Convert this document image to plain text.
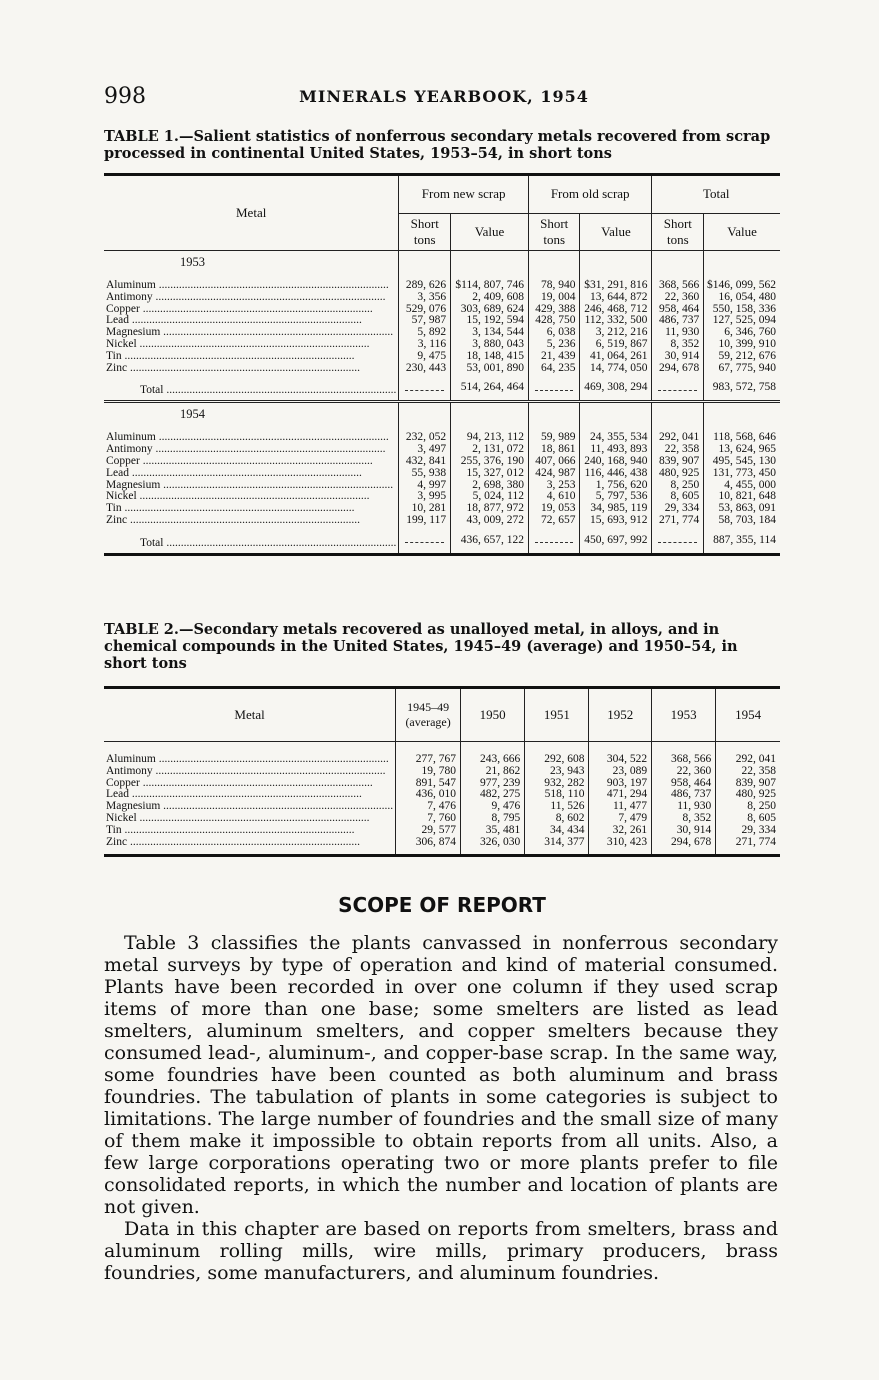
998	MINERALS YEARBOOK, 1954
TABLE 1.—Salient statistics of nonferrous secondary metals recovered from scrap processed in continental United States, 1953–54, in short tons
Metal	From new scrap		From old scrap		Total	
	Short tons	Value	Short tons	Value	Short tons	Value
1953						
Aluminum ................................................................................	289, 626	$114, 807, 746	78, 940	$31, 291, 816	368, 566	$146, 099, 562
Antimony ................................................................................	3, 356	2, 409, 608	19, 004	13, 644, 872	22, 360	16, 054, 480
Copper ................................................................................	529, 076	303, 689, 624	429, 388	246, 468, 712	958, 464	550, 158, 336
Lead ................................................................................	57, 987	15, 192, 594	428, 750	112, 332, 500	486, 737	127, 525, 094
Magnesium ................................................................................	5, 892	3, 134, 544	6, 038	3, 212, 216	11, 930	6, 346, 760
Nickel ................................................................................	3, 116	3, 880, 043	5, 236	6, 519, 867	8, 352	10, 399, 910
Tin ................................................................................	9, 475	18, 148, 415	21, 439	41, 064, 261	30, 914	59, 212, 676
Zinc ................................................................................	230, 443	53, 001, 890	64, 235	14, 774, 050	294, 678	67, 775, 940
Total ................................................................................		514, 264, 464		469, 308, 294		983, 572, 758
1954						
Aluminum ................................................................................	232, 052	94, 213, 112	59, 989	24, 355, 534	292, 041	118, 568, 646
Antimony ................................................................................	3, 497	2, 131, 072	18, 861	11, 493, 893	22, 358	13, 624, 965
Copper ................................................................................	432, 841	255, 376, 190	407, 066	240, 168, 940	839, 907	495, 545, 130
Lead ................................................................................	55, 938	15, 327, 012	424, 987	116, 446, 438	480, 925	131, 773, 450
Magnesium ................................................................................	4, 997	2, 698, 380	3, 253	1, 756, 620	8, 250	4, 455, 000
Nickel ................................................................................	3, 995	5, 024, 112	4, 610	5, 797, 536	8, 605	10, 821, 648
Tin ................................................................................	10, 281	18, 877, 972	19, 053	34, 985, 119	29, 334	53, 863, 091
Zinc ................................................................................	199, 117	43, 009, 272	72, 657	15, 693, 912	271, 774	58, 703, 184
Total ................................................................................		436, 657, 122		450, 697, 992		887, 355, 114
TABLE 2.—Secondary metals recovered as unalloyed metal, in alloys, and in chemical compounds in the United States, 1945–49 (average) and 1950–54, in short tons
Metal	1945–49 (average)	1950	1951	1952	1953	1954
Aluminum ................................................................................	277, 767	243, 666	292, 608	304, 522	368, 566	292, 041
Antimony ................................................................................	19, 780	21, 862	23, 943	23, 089	22, 360	22, 358
Copper ................................................................................	891, 547	977, 239	932, 282	903, 197	958, 464	839, 907
Lead ................................................................................	436, 010	482, 275	518, 110	471, 294	486, 737	480, 925
Magnesium ................................................................................	7, 476	9, 476	11, 526	11, 477	11, 930	8, 250
Nickel ................................................................................	7, 760	8, 795	8, 602	7, 479	8, 352	8, 605
Tin ................................................................................	29, 577	35, 481	34, 434	32, 261	30, 914	29, 334
Zinc ................................................................................	306, 874	326, 030	314, 377	310, 423	294, 678	271, 774
SCOPE OF REPORT

Table 3 classifies the plants canvassed in nonferrous secondary metal surveys by type of operation and kind of material consumed. Plants have been recorded in over one column if they used scrap items of more than one base; some smelters are listed as lead smelters, aluminum smelters, and copper smelters because they consumed lead-, aluminum-, and copper-base scrap. In the same way, some foundries have been counted as both aluminum and brass foundries. The tabulation of plants in some categories is subject to limitations. The large number of foundries and the small size of many of them make it impossible to obtain reports from all units. Also, a few large corporations operating two or more plants prefer to file consolidated reports, in which the number and location of plants are not given.

Data in this chapter are based on reports from smelters, brass and aluminum rolling mills, wire mills, primary producers, brass foundries, some manufacturers, and aluminum foundries.
